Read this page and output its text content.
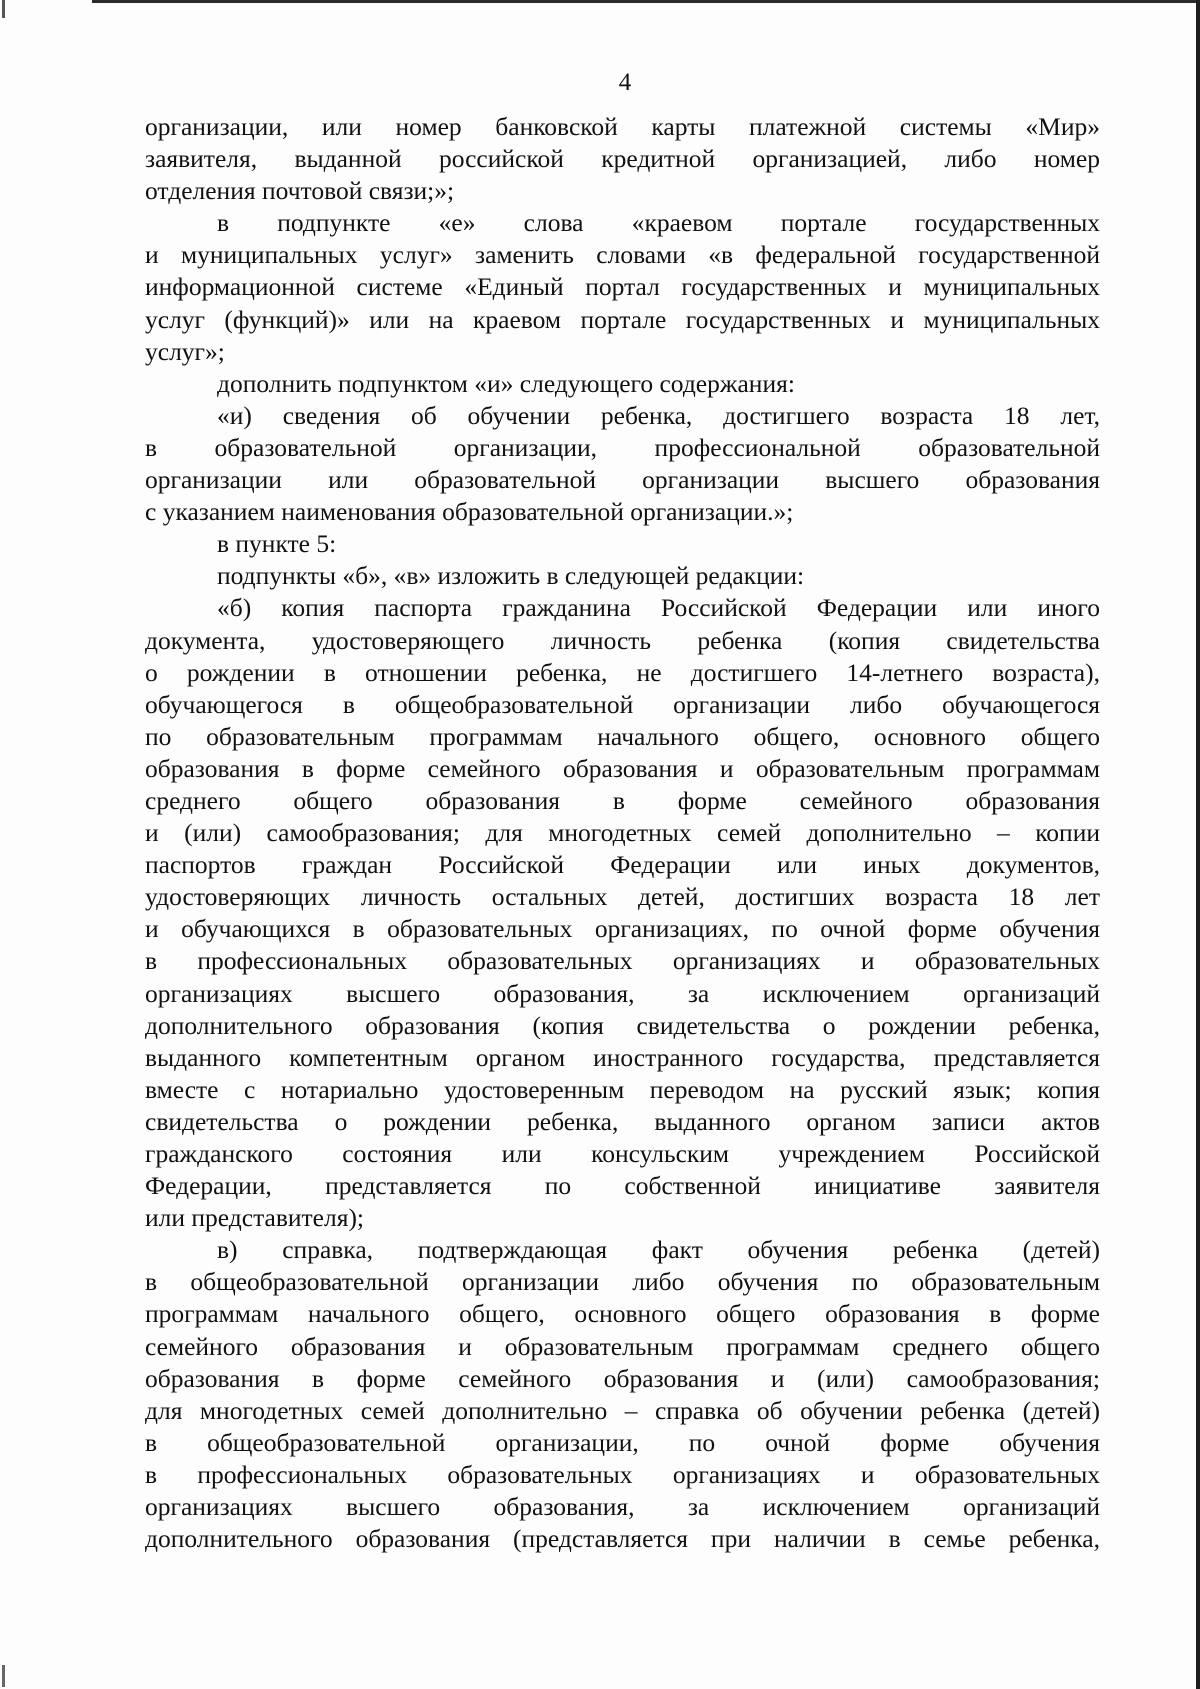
4
организации, или номер банковской карты платежной системы «Мир»
заявителя, выданной российской кредитной организацией, либо номер
отделения почтовой связи;»;
в подпункте «е» слова «краевом портале государственных
и муниципальных услуг» заменить словами «в федеральной государственной
информационной системе «Единый портал государственных и муниципальных
услуг (функций)» или на краевом портале государственных и муниципальных
услуг»;
дополнить подпунктом «и» следующего содержания:
«и) сведения об обучении ребенка, достигшего возраста 18 лет,
в образовательной организации, профессиональной образовательной
организации или образовательной организации высшего образования
с указанием наименования образовательной организации.»;
в пункте 5:
подпункты «б», «в» изложить в следующей редакции:
«б) копия паспорта гражданина Российской Федерации или иного
документа, удостоверяющего личность ребенка (копия свидетельства
о рождении в отношении ребенка, не достигшего 14-летнего возраста),
обучающегося в общеобразовательной организации либо обучающегося
по образовательным программам начального общего, основного общего
образования в форме семейного образования и образовательным программам
среднего общего образования в форме семейного образования
и (или) самообразования; для многодетных семей дополнительно – копии
паспортов граждан Российской Федерации или иных документов,
удостоверяющих личность остальных детей, достигших возраста 18 лет
и обучающихся в образовательных организациях, по очной форме обучения
в профессиональных образовательных организациях и образовательных
организациях высшего образования, за исключением организаций
дополнительного образования (копия свидетельства о рождении ребенка,
выданного компетентным органом иностранного государства, представляется
вместе с нотариально удостоверенным переводом на русский язык; копия
свидетельства о рождении ребенка, выданного органом записи актов
гражданского состояния или консульским учреждением Российской
Федерации, представляется по собственной инициативе заявителя
или представителя);
в) справка, подтверждающая факт обучения ребенка (детей)
в общеобразовательной организации либо обучения по образовательным
программам начального общего, основного общего образования в форме
семейного образования и образовательным программам среднего общего
образования в форме семейного образования и (или) самообразования;
для многодетных семей дополнительно – справка об обучении ребенка (детей)
в общеобразовательной организации, по очной форме обучения
в профессиональных образовательных организациях и образовательных
организациях высшего образования, за исключением организаций
дополнительного образования (представляется при наличии в семье ребенка,
